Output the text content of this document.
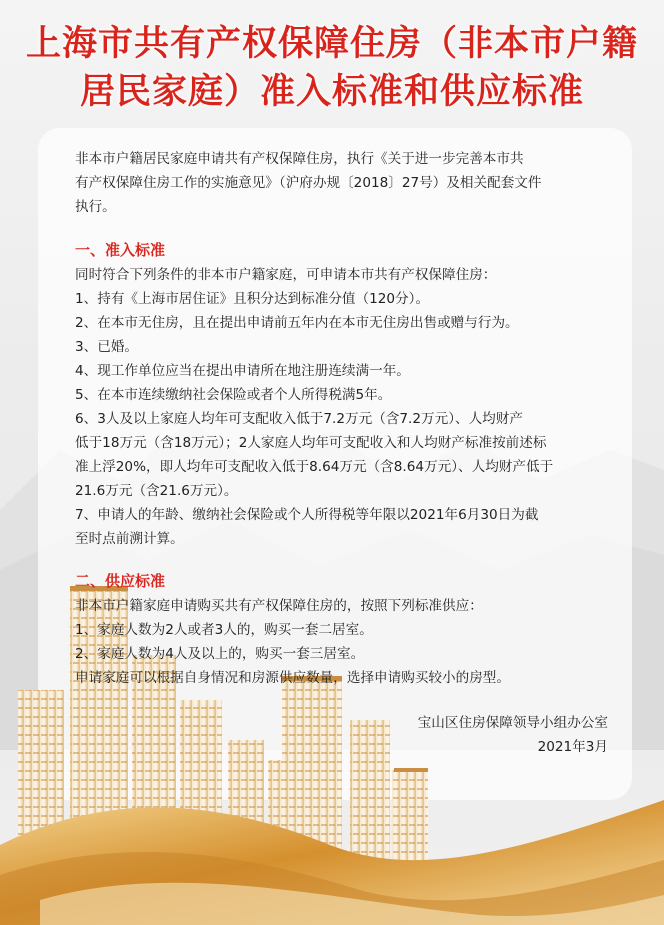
上海市共有产权保障住房（非本市户籍
居民家庭）准入标准和供应标准

非本市户籍居民家庭申请共有产权保障住房，执行《关于进一步完善本市共

有产权保障住房工作的实施意见》（沪府办规〔2018〕27号）及相关配套文件

执行。

一、准入标准

同时符合下列条件的非本市户籍家庭，可申请本市共有产权保障住房：

1、持有《上海市居住证》且积分达到标准分值（120分）。

2、在本市无住房，且在提出申请前五年内在本市无住房出售或赠与行为。

3、已婚。

4、现工作单位应当在提出申请所在地注册连续满一年。

5、在本市连续缴纳社会保险或者个人所得税满5年。

6、3人及以上家庭人均年可支配收入低于7.2万元（含7.2万元）、人均财产

低于18万元（含18万元）；2人家庭人均年可支配收入和人均财产标准按前述标

准上浮20%，即人均年可支配收入低于8.64万元（含8.64万元）、人均财产低于

21.6万元（含21.6万元）。

7、申请人的年龄、缴纳社会保险或个人所得税等年限以2021年6月30日为截

至时点前溯计算。

二、供应标准

非本市户籍家庭申请购买共有产权保障住房的，按照下列标准供应：

1、家庭人数为2人或者3人的，购买一套二居室。

2、家庭人数为4人及以上的，购买一套三居室。

申请家庭可以根据自身情况和房源供应数量，选择申请购买较小的房型。

宝山区住房保障领导小组办公室

2021年3月
